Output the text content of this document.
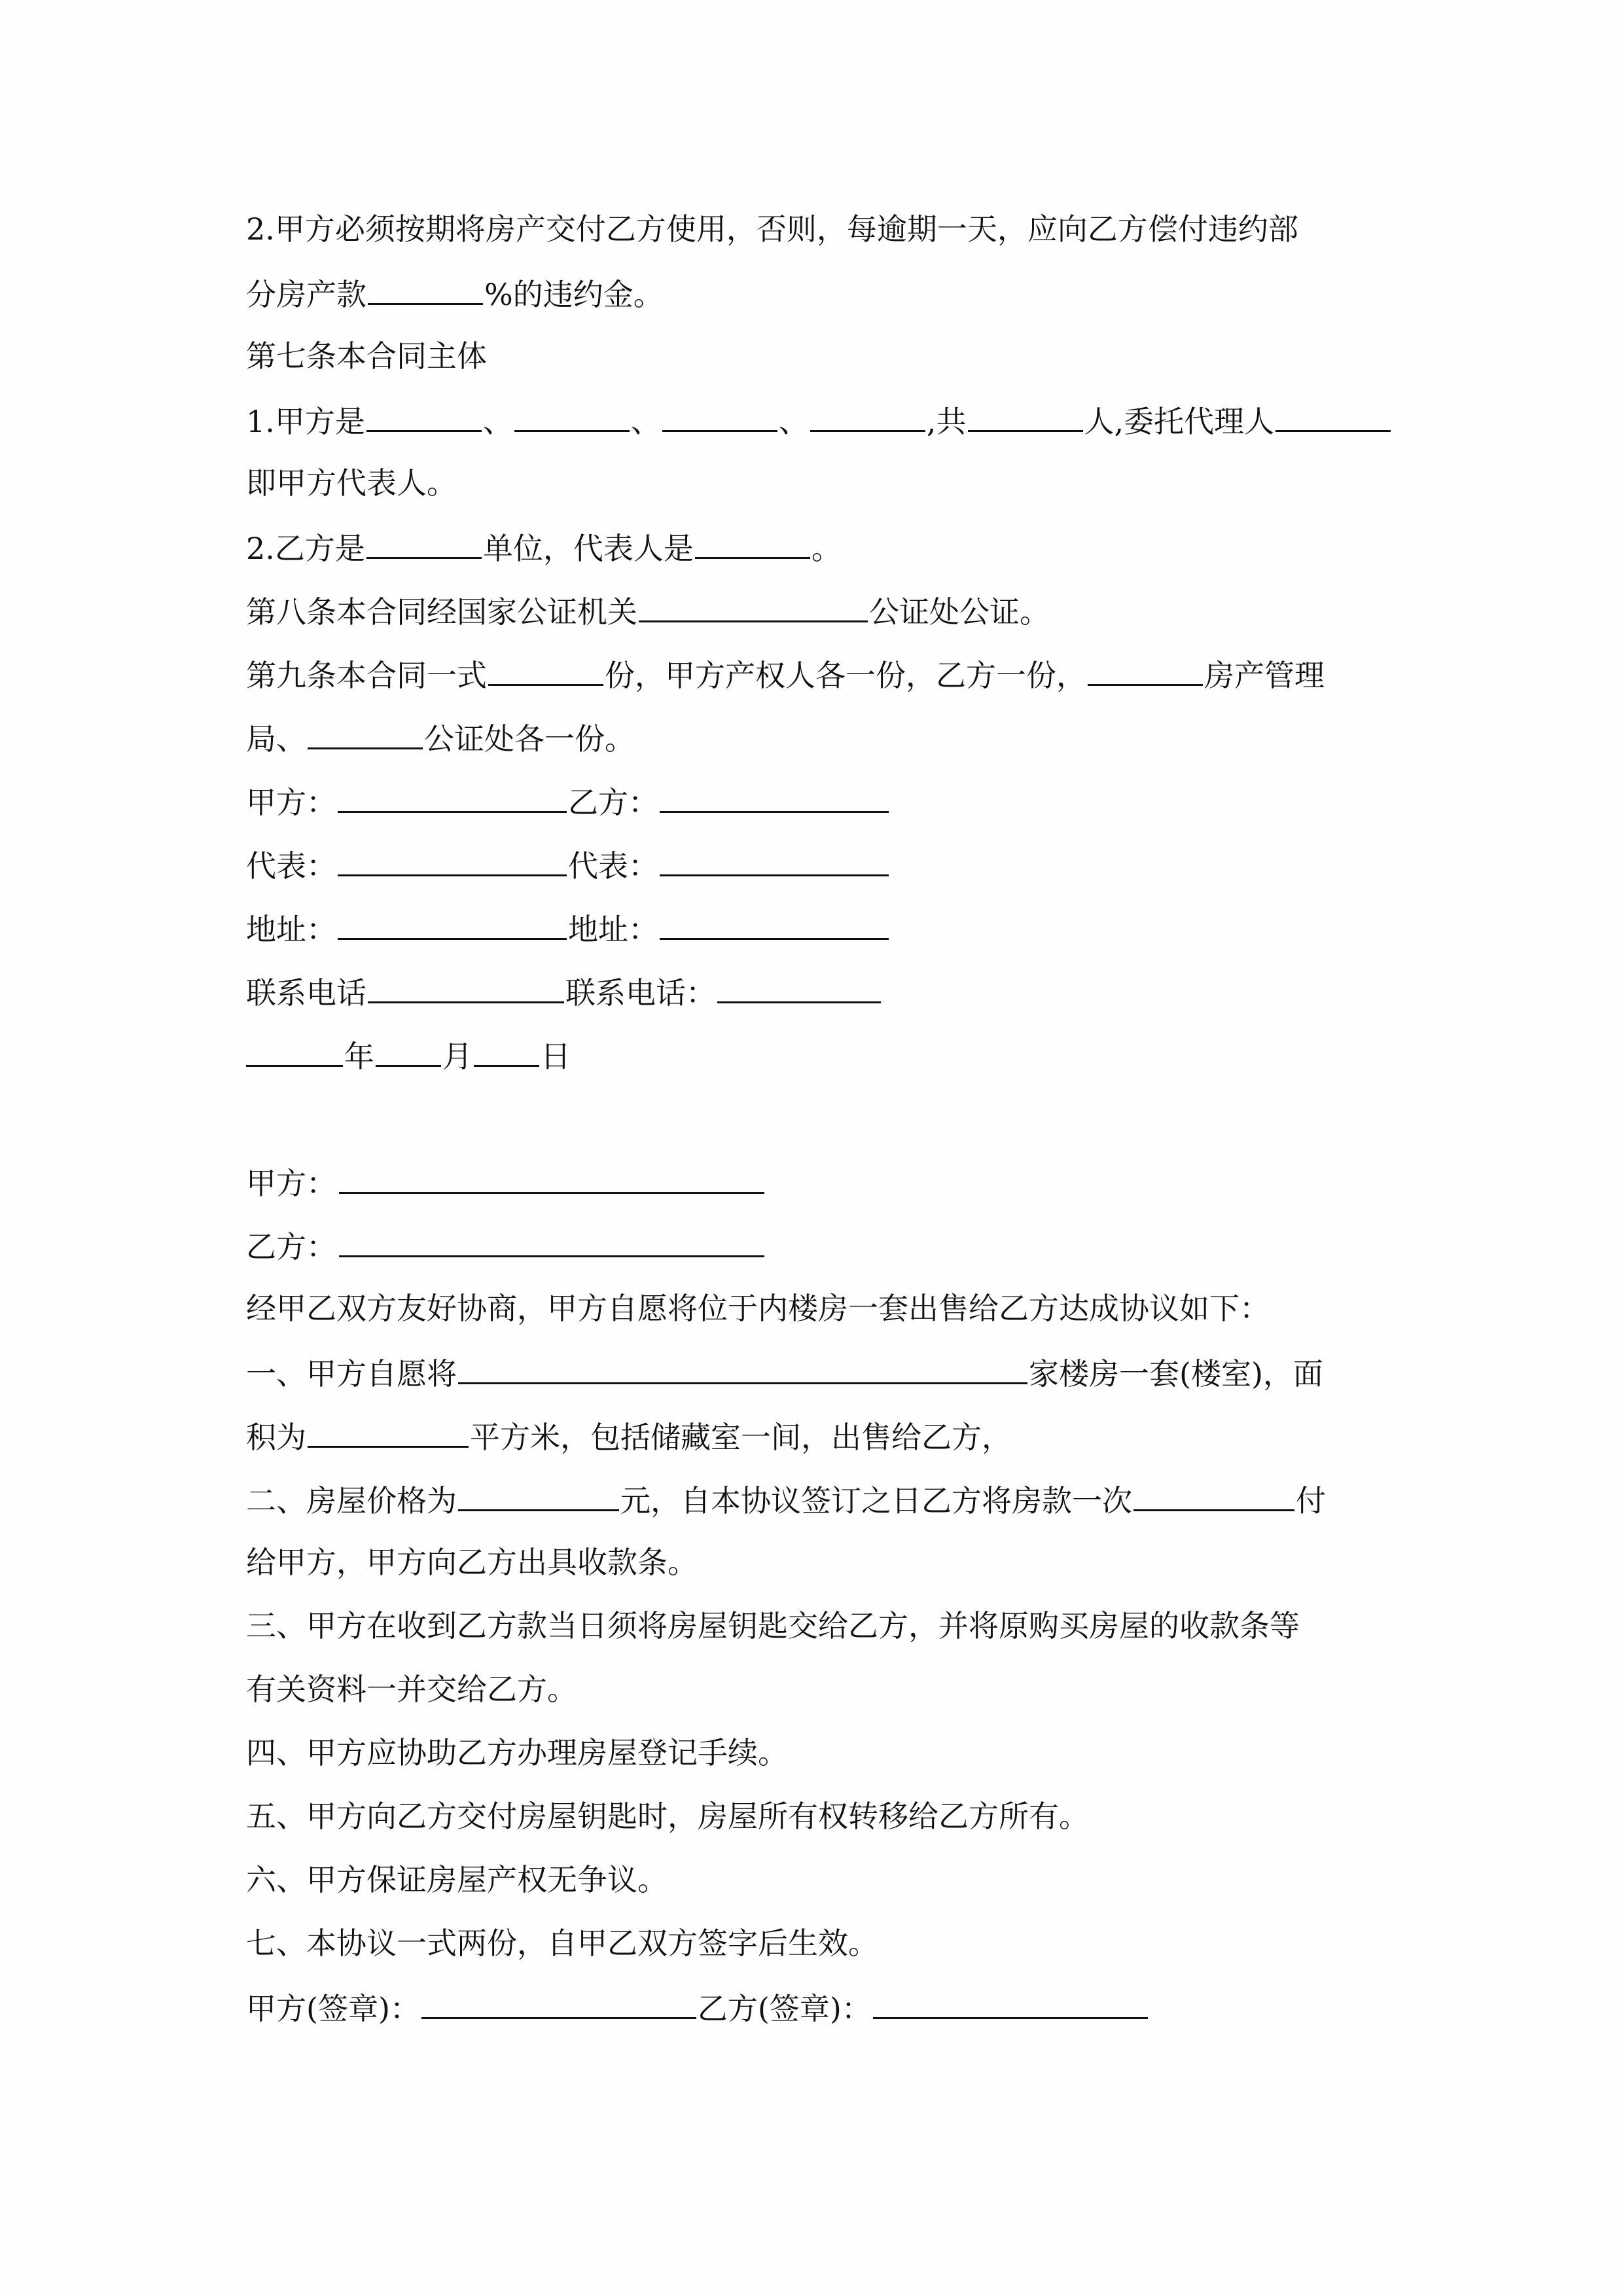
2.甲方必须按期将房产交付乙方使用，否则，每逾期一天，应向乙方偿付违约部
分房产款	%的违约金。
第七条本合同主体
1.甲方是	、	、	、	,共	人,委托代理人
即甲方代表人。
2.乙方是	单位，代表人是	。
第八条本合同经国家公证机关	公证处公证。
第九条本合同一式	份，甲方产权人各一份，乙方一份，	房产管理
局、	公证处各一份。
甲方：	乙方：
代表：	代表：
地址：	地址：
联系电话	联系电话：
年 月 日
甲方：
乙方：
经甲乙双方友好协商，甲方自愿将位于内楼房一套出售给乙方达成协议如下：
一、甲方自愿将	家楼房一套(楼室)，面
积为	平方米，包括储藏室一间，出售给乙方，
二、房屋价格为	元，自本协议签订之日乙方将房款一次	付
给甲方，甲方向乙方出具收款条。
三、甲方在收到乙方款当日须将房屋钥匙交给乙方，并将原购买房屋的收款条等
有关资料一并交给乙方。
四、甲方应协助乙方办理房屋登记手续。
五、甲方向乙方交付房屋钥匙时，房屋所有权转移给乙方所有。
六、甲方保证房屋产权无争议。
七、本协议一式两份，自甲乙双方签字后生效。
甲方(签章)：	乙方(签章)：
